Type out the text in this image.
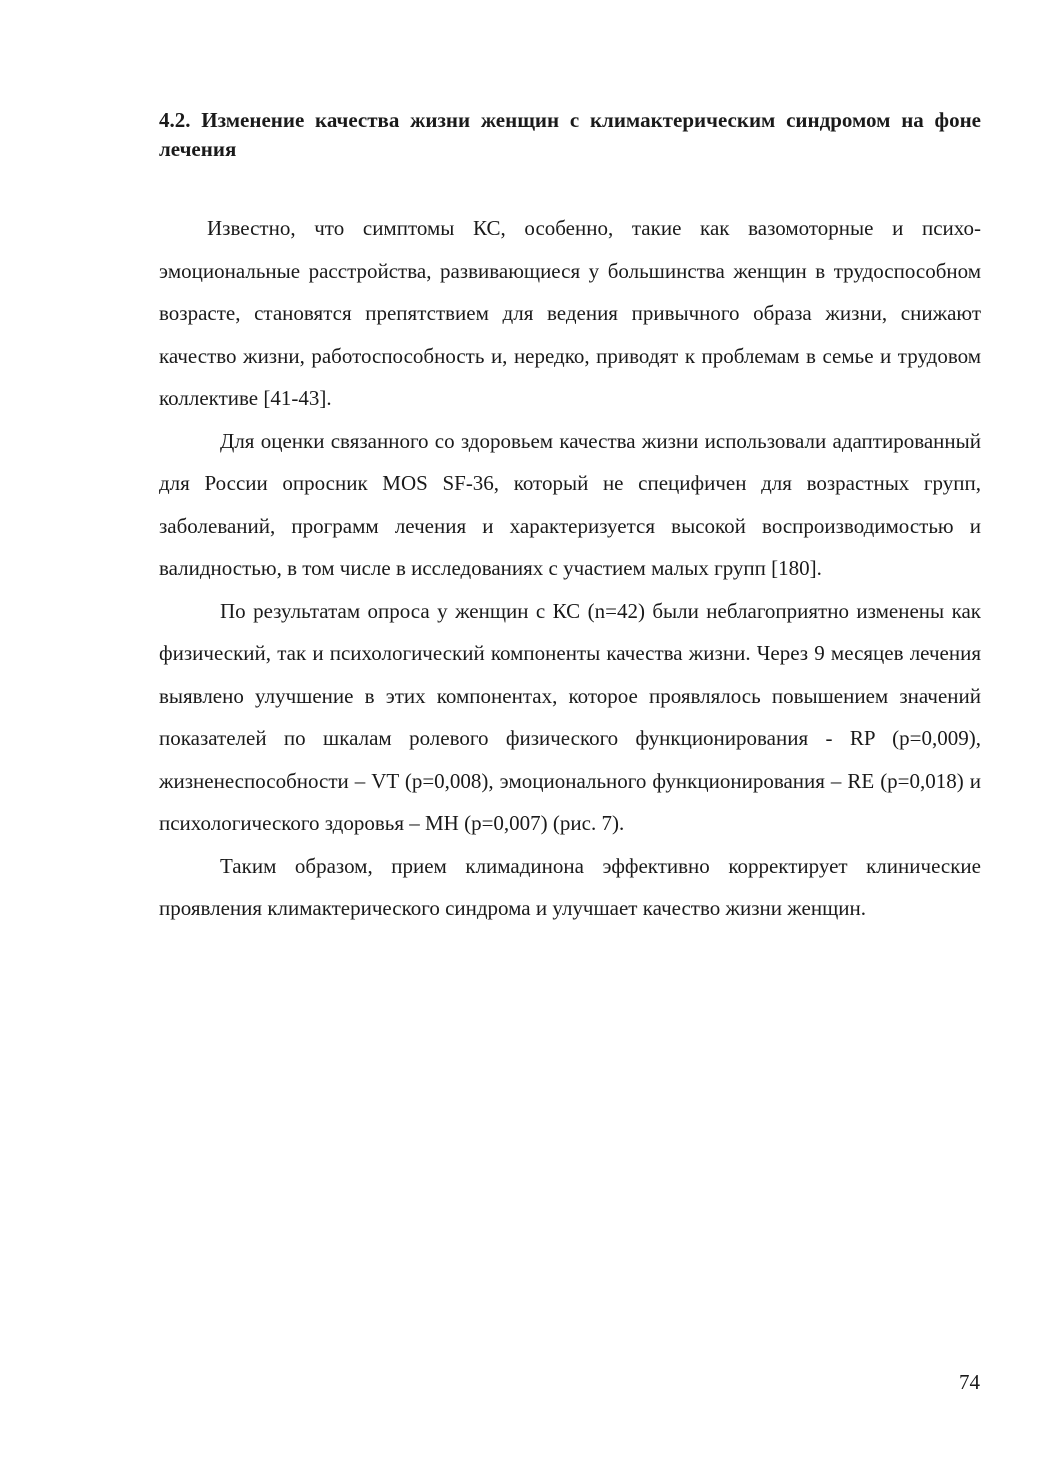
4.2. Изменение качества жизни женщин с климактерическим синдромом на фоне лечения

Известно, что симптомы КС, особенно, такие как вазомоторные и психо-эмоциональные расстройства, развивающиеся у большинства женщин в трудоспособном возрасте, становятся препятствием для ведения привычного образа жизни, снижают качество жизни, работоспособность и, нередко, приводят к проблемам в семье и трудовом коллективе [41-43].

Для оценки связанного со здоровьем качества жизни использовали адаптированный для России опросник MOS SF-36, который не специфичен для возрастных групп, заболеваний, программ лечения и характеризуется высокой воспроизводимостью и валидностью, в том числе в исследованиях с участием малых групп [180].

По результатам опроса у женщин с КС (n=42) были неблагоприятно изменены как физический, так и психологический компоненты качества жизни. Через 9 месяцев лечения выявлено улучшение в этих компонентах, которое проявлялось повышением значений показателей по шкалам ролевого физического функционирования - RP (p=0,009), жизненеспособности – VT (p=0,008), эмоционального функционирования – RE (p=0,018) и психологического здоровья – MH (p=0,007) (рис. 7).

Таким образом, прием климадинона эффективно корректирует клинические проявления климактерического синдрома и улучшает качество жизни женщин.

74
